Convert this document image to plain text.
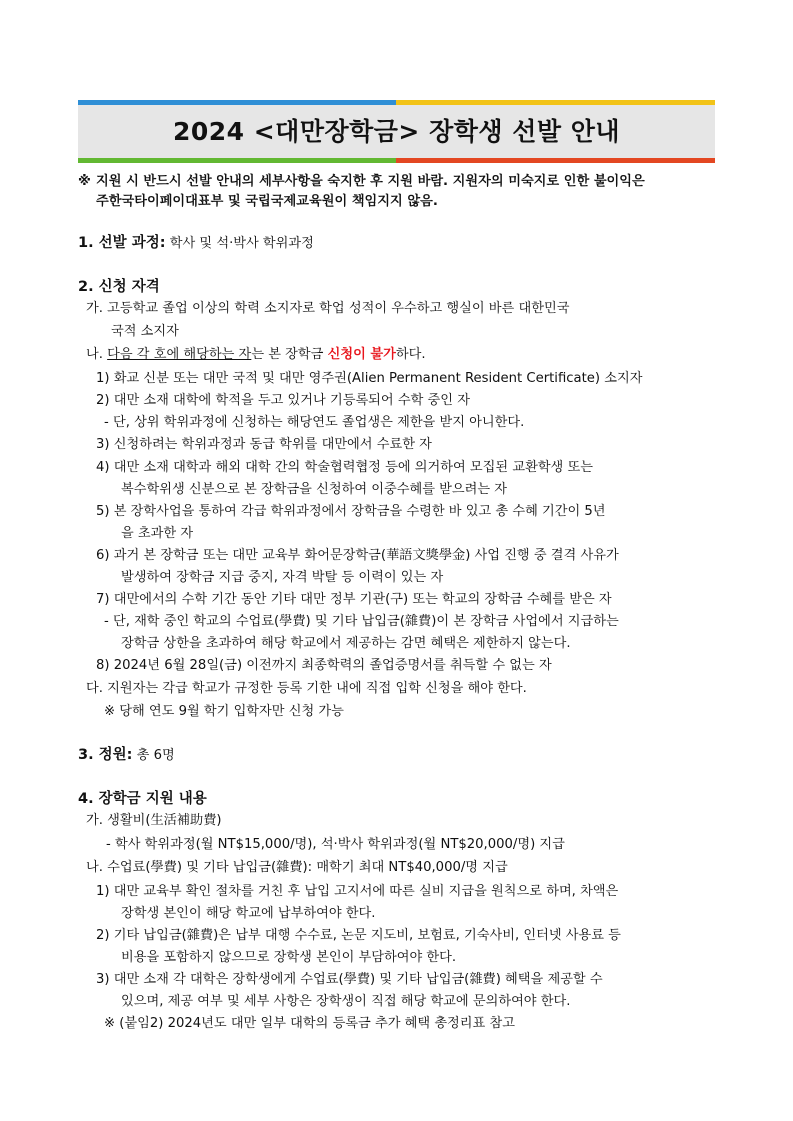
2024 <대만장학금> 장학생 선발 안내
※ 지원 시 반드시 선발 안내의 세부사항을 숙지한 후 지원 바람. 지원자의 미숙지로 인한 불이익은
주한국타이페이대표부 및 국립국제교육원이 책임지지 않음.
1. 선발 과정: 학사 및 석·박사 학위과정
2. 신청 자격
가. 고등학교 졸업 이상의 학력 소지자로 학업 성적이 우수하고 행실이 바른 대한민국
국적 소지자
나. 다음 각 호에 해당하는 자는 본 장학금 신청이 불가하다.
1) 화교 신분 또는 대만 국적 및 대만 영주권(Alien Permanent Resident Certificate) 소지자
2) 대만 소재 대학에 학적을 두고 있거나 기등록되어 수학 중인 자
- 단, 상위 학위과정에 신청하는 해당연도 졸업생은 제한을 받지 아니한다.
3) 신청하려는 학위과정과 동급 학위를 대만에서 수료한 자
4) 대만 소재 대학과 해외 대학 간의 학술협력협정 등에 의거하여 모집된 교환학생 또는
복수학위생 신분으로 본 장학금을 신청하여 이중수혜를 받으려는 자
5) 본 장학사업을 통하여 각급 학위과정에서 장학금을 수령한 바 있고 총 수혜 기간이 5년
을 초과한 자
6) 과거 본 장학금 또는 대만 교육부 화어문장학금(華語文獎學金) 사업 진행 중 결격 사유가
발생하여 장학금 지급 중지, 자격 박탈 등 이력이 있는 자
7) 대만에서의 수학 기간 동안 기타 대만 정부 기관(구) 또는 학교의 장학금 수혜를 받은 자
- 단, 재학 중인 학교의 수업료(學費) 및 기타 납입금(雜費)이 본 장학금 사업에서 지급하는
장학금 상한을 초과하여 해당 학교에서 제공하는 감면 혜택은 제한하지 않는다.
8) 2024년 6월 28일(금) 이전까지 최종학력의 졸업증명서를 취득할 수 없는 자
다. 지원자는 각급 학교가 규정한 등록 기한 내에 직접 입학 신청을 해야 한다.
※ 당해 연도 9월 학기 입학자만 신청 가능
3. 정원: 총 6명
4. 장학금 지원 내용
가. 생활비(生活補助費)
- 학사 학위과정(월 NT$15,000/명), 석·박사 학위과정(월 NT$20,000/명) 지급
나. 수업료(學費) 및 기타 납입금(雜費): 매학기 최대 NT$40,000/명 지급
1) 대만 교육부 확인 절차를 거친 후 납입 고지서에 따른 실비 지급을 원칙으로 하며, 차액은
장학생 본인이 해당 학교에 납부하여야 한다.
2) 기타 납입금(雜費)은 납부 대행 수수료, 논문 지도비, 보험료, 기숙사비, 인터넷 사용료 등
비용을 포함하지 않으므로 장학생 본인이 부담하여야 한다.
3) 대만 소재 각 대학은 장학생에게 수업료(學費) 및 기타 납입금(雜費) 혜택을 제공할 수
있으며, 제공 여부 및 세부 사항은 장학생이 직접 해당 학교에 문의하여야 한다.
※ (붙임2) 2024년도 대만 일부 대학의 등록금 추가 혜택 총정리표 참고
